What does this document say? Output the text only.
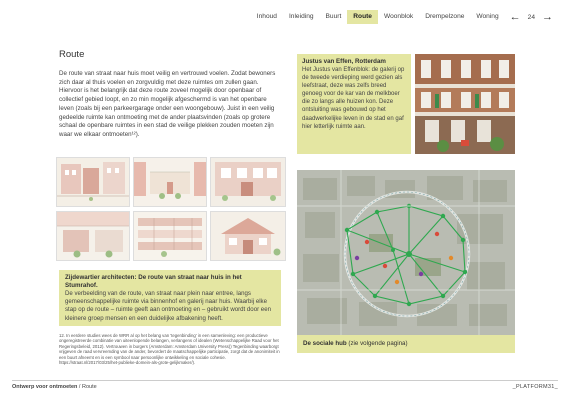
Inhoud	Inleiding	Buurt	Route	Woonblok	Drempelzone	Woning	←	24 →
Route

De route van straat naar huis moet veilig en vertrouwd voelen. Zodat bewoners zich daar al thuis voelen en zorgvuldig met deze ruimtes om zullen gaan. Hiervoor is het belangrijk dat deze route zoveel mogelijk door openbaar of collectief gebied loopt, en zo min mogelijk afgeschermd is van het openbare leven (zoals bij een parkeergarage onder een woongebouw). Juist in een veilig gedeelde ruimte kan ontmoeting met de ander plaatsvinden (zoals op grotere schaal de openbare ruimtes in een stad de veilige plekken zouden moeten zijn waar we elkaar ontmoeten¹²).

Zijdewartier architecten: De route van straat naar huis in het Stumrahof.
De verbeelding van de route, van straat naar plein naar entree, langs gemeenschappelijke ruimte via binnenhof en galerij naar huis. Waarbij elke stap op de route – ruimte geeft aan ontmoeting en – gebruikt wordt door een kleinere groep mensen en een duidelijke afbakening heeft.

12. In eerdere studies wees de WRR al op het belang van 'tegenbinding' in een samenleving: een productieve ongeregistreerde combinatie van uiteenlopende belangen, verlangens of idealen (Wetenschappelijke Raad voor het Regeringsbeleid, 2012). Vertrouwen in burgers (Amsterdam: Amsterdam University Press)) Tegenbinding waarborgt vrijgeven de raad vervreemding van de ander, bevordert de maatschappelijke participatie, zorgt dat de anonimiteit in een buurt afneemt en is een symbool naar persoonlijke ontwikkeling en sociale cohesie. https://straat.nl/2017/03/25/het-publieke-domein-als-grote-gelijkmaker/).

Justus van Effen, Rotterdam
Het Justus van Effenblok: de galerij op de tweede verdieping werd gezien als leefstraat, deze was zelfs breed genoeg voor de kar van de melkboer die zo langs alle huizen kon. Deze ontsluiting was gebouwd op het daadwerkelijke leven in de stad en gaf hier letterlijk ruimte aan.
De sociale hub (zie volgende pagina)
Ontwerp voor ontmoeten / Route	_PLATFORM31_
